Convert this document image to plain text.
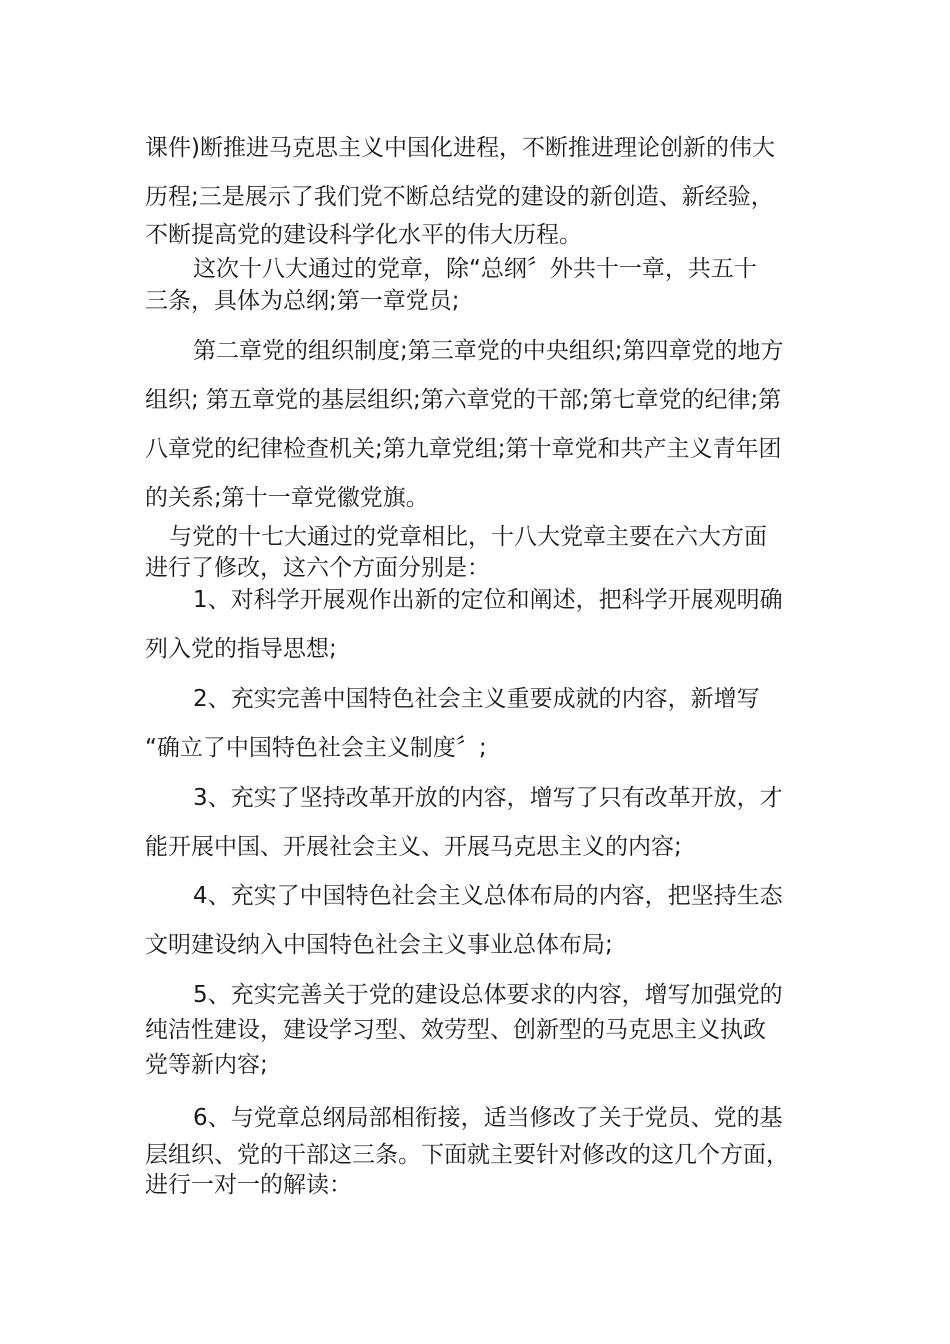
课件)断推进马克思主义中国化进程，不断推进理论创新的伟大
历程;三是展示了我们党不断总结党的建设的新创造、新经验，
不断提高党的建设科学化水平的伟大历程。
这次十八大通过的党章，除“总纲〞外共十一章，共五十
三条，具体为总纲;第一章党员;
第二章党的组织制度;第三章党的中央组织;第四章党的地方
组织; 第五章党的基层组织;第六章党的干部;第七章党的纪律;第
八章党的纪律检查机关;第九章党组;第十章党和共产主义青年团
的关系;第十一章党徽党旗。
与党的十七大通过的党章相比，十八大党章主要在六大方面
进行了修改，这六个方面分别是：
1、对科学开展观作出新的定位和阐述，把科学开展观明确
列入党的指导思想;
2、充实完善中国特色社会主义重要成就的内容，新增写
“确立了中国特色社会主义制度〞;
3、充实了坚持改革开放的内容，增写了只有改革开放，才
能开展中国、开展社会主义、开展马克思主义的内容;
4、充实了中国特色社会主义总体布局的内容，把坚持生态
文明建设纳入中国特色社会主义事业总体布局;
5、充实完善关于党的建设总体要求的内容，增写加强党的
纯洁性建设，建设学习型、效劳型、创新型的马克思主义执政
党等新内容;
6、与党章总纲局部相衔接，适当修改了关于党员、党的基
层组织、党的干部这三条。下面就主要针对修改的这几个方面，
进行一对一的解读：
